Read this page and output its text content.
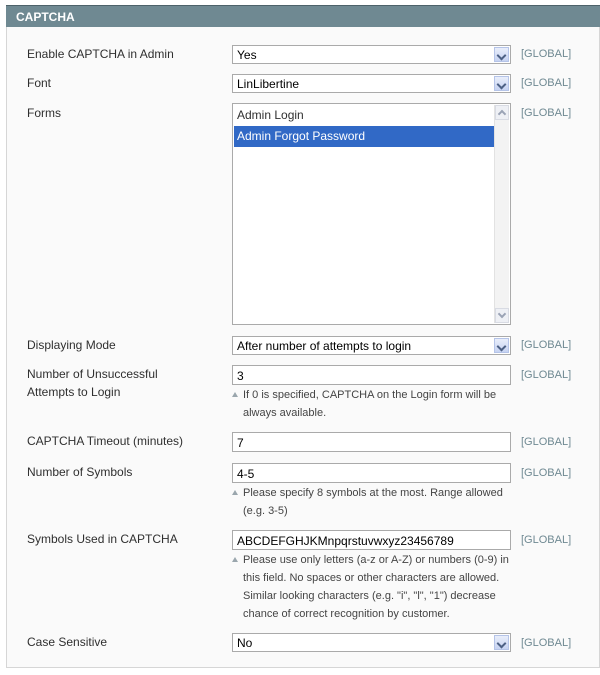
CAPTCHA
Enable CAPTCHA in Admin	Yes	[GLOBAL]
Font	LinLibertine	[GLOBAL]
Forms	Admin Login
Admin Forgot Password
[GLOBAL]
Displaying Mode	After number of attempts to login	[GLOBAL]
Number of Unsuccessful
Attempts to Login
3	[GLOBAL]
If 0 is specified, CAPTCHA on the Login form will be
always available.
CAPTCHA Timeout (minutes)	7	[GLOBAL]
Number of Symbols	4-5	[GLOBAL]
Please specify 8 symbols at the most. Range allowed
(e.g. 3-5)
Symbols Used in CAPTCHA	ABCDEFGHJKMnpqrstuvwxyz23456789	[GLOBAL]
Please use only letters (a-z or A-Z) or numbers (0-9) in
this field. No spaces or other characters are allowed.
Similar looking characters (e.g. "i", "l", "1") decrease
chance of correct recognition by customer.
Case Sensitive	No	[GLOBAL]
